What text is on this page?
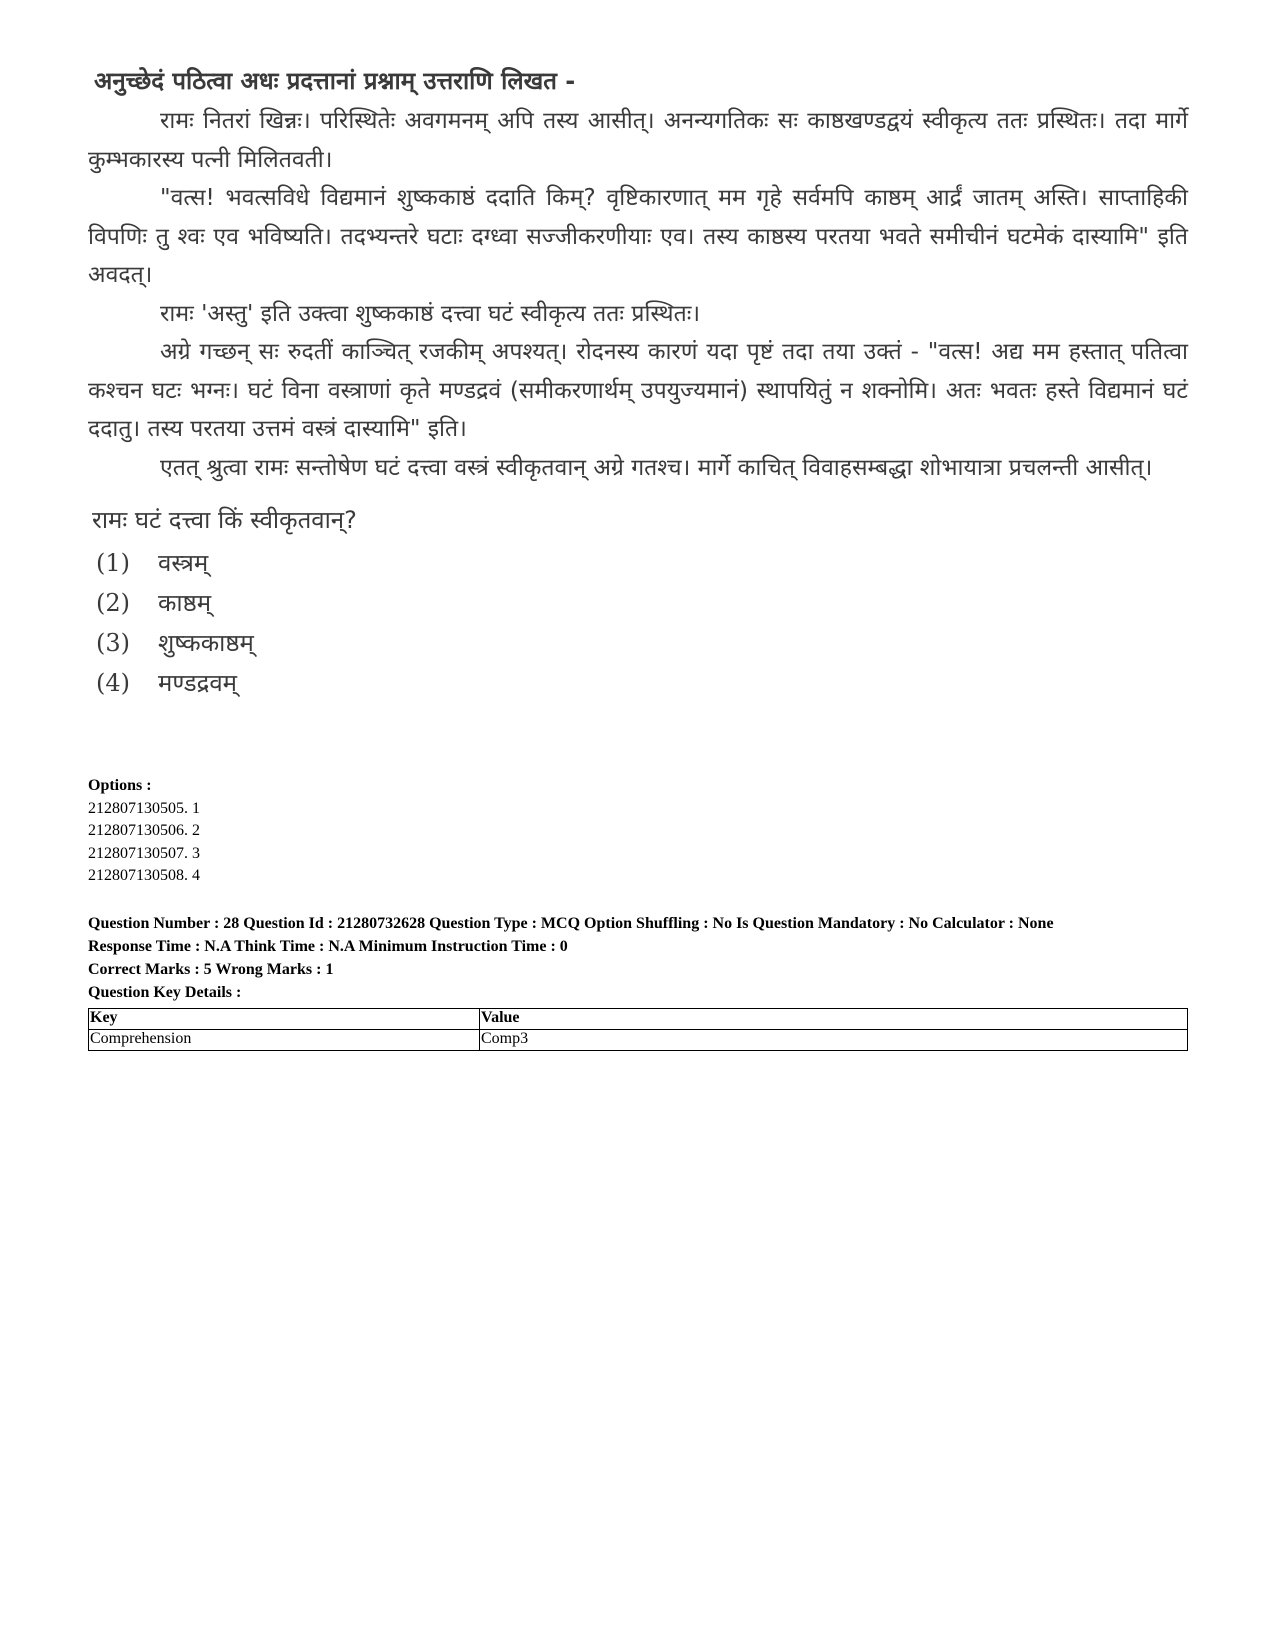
अनुच्छेदं पठित्वा अधः प्रदत्तानां प्रश्नाम् उत्तराणि लिखत -

रामः नितरां खिन्नः। परिस्थितेः अवगमनम् अपि तस्य आसीत्। अनन्यगतिकः सः काष्ठखण्डद्वयं स्वीकृत्य ततः प्रस्थितः। तदा मार्गे कुम्भकारस्य पत्नी मिलितवती।

"वत्स! भवत्सविधे विद्यमानं शुष्ककाष्ठं ददाति किम्? वृष्टिकारणात् मम गृहे सर्वमपि काष्ठम् आर्द्रं जातम् अस्ति। साप्ताहिकी विपणिः तु श्वः एव भविष्यति। तदभ्यन्तरे घटाः दग्ध्वा सज्जीकरणीयाः एव। तस्य काष्ठस्य परतया भवते समीचीनं घटमेकं दास्यामि" इति अवदत्।

रामः 'अस्तु' इति उक्त्वा शुष्ककाष्ठं दत्त्वा घटं स्वीकृत्य ततः प्रस्थितः।

अग्रे गच्छन् सः रुदतीं काञ्चित् रजकीम् अपश्यत्। रोदनस्य कारणं यदा पृष्टं तदा तया उक्तं - "वत्स! अद्य मम हस्तात् पतित्वा कश्चन घटः भग्नः। घटं विना वस्त्राणां कृते मण्डद्रवं (समीकरणार्थम् उपयुज्यमानं) स्थापयितुं न शक्नोमि। अतः भवतः हस्ते विद्यमानं घटं ददातु। तस्य परतया उत्तमं वस्त्रं दास्यामि" इति।

एतत् श्रुत्वा रामः सन्तोषेण घटं दत्त्वा वस्त्रं स्वीकृतवान् अग्रे गतश्च। मार्गे काचित् विवाहसम्बद्धा शोभायात्रा प्रचलन्ती आसीत्।

रामः घटं दत्त्वा किं स्वीकृतवान्?
(1)	वस्त्रम्
(2)	काष्ठम्
(3)	शुष्ककाष्ठम्
(4)	मण्डद्रवम्
Options :
212807130505. 1
212807130506. 2
212807130507. 3
212807130508. 4
Question Number : 28 Question Id : 21280732628 Question Type : MCQ Option Shuffling : No Is Question Mandatory : No Calculator : None
Response Time : N.A Think Time : N.A Minimum Instruction Time : 0
Correct Marks : 5 Wrong Marks : 1
Question Key Details :
Key	Value
Comprehension	Comp3
